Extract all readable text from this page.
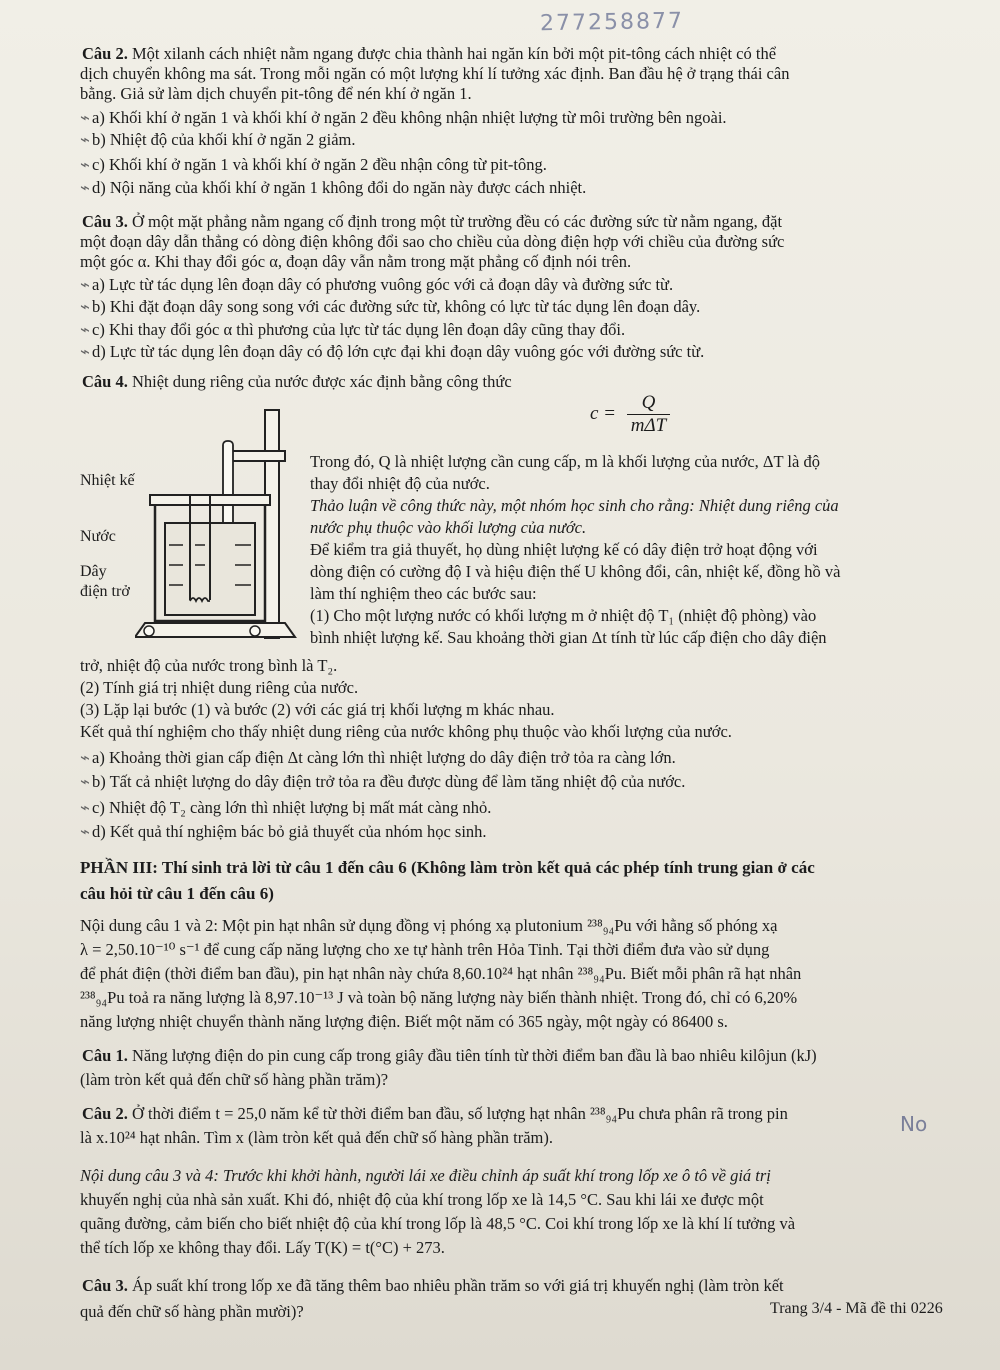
277258877
Câu 2. Một xilanh cách nhiệt nằm ngang được chia thành hai ngăn kín bởi một pit-tông cách nhiệt có thể
dịch chuyển không ma sát. Trong mỗi ngăn có một lượng khí lí tưởng xác định. Ban đầu hệ ở trạng thái cân
bằng. Giả sử làm dịch chuyển pit-tông để nén khí ở ngăn 1.
⌁ a) Khối khí ở ngăn 1 và khối khí ở ngăn 2 đều không nhận nhiệt lượng từ môi trường bên ngoài.
⌁ b) Nhiệt độ của khối khí ở ngăn 2 giảm.
⌁ c) Khối khí ở ngăn 1 và khối khí ở ngăn 2 đều nhận công từ pit-tông.
⌁ d) Nội năng của khối khí ở ngăn 1 không đổi do ngăn này được cách nhiệt.
Câu 3. Ở một mặt phẳng nằm ngang cố định trong một từ trường đều có các đường sức từ nằm ngang, đặt
một đoạn dây dẫn thẳng có dòng điện không đổi sao cho chiều của dòng điện hợp với chiều của đường sức
một góc α. Khi thay đổi góc α, đoạn dây vẫn nằm trong mặt phẳng cố định nói trên.
⌁ a) Lực từ tác dụng lên đoạn dây có phương vuông góc với cả đoạn dây và đường sức từ.
⌁ b) Khi đặt đoạn dây song song với các đường sức từ, không có lực từ tác dụng lên đoạn dây.
⌁ c) Khi thay đổi góc α thì phương của lực từ tác dụng lên đoạn dây cũng thay đổi.
⌁ d) Lực từ tác dụng lên đoạn dây có độ lớn cực đại khi đoạn dây vuông góc với đường sức từ.
Câu 4. Nhiệt dung riêng của nước được xác định bằng công thức
$c = \frac{Q}{\text{mΔT}}$
Nhiệt kế
Nước
Dây
điện trở
Trong đó, Q là nhiệt lượng cần cung cấp, m là khối lượng của nước, ΔT là độ
thay đổi nhiệt độ của nước.
Thảo luận về công thức này, một nhóm học sinh cho rằng: Nhiệt dung riêng của
nước phụ thuộc vào khối lượng của nước.
Để kiểm tra giả thuyết, họ dùng nhiệt lượng kế có dây điện trở hoạt động với
dòng điện có cường độ I và hiệu điện thế U không đổi, cân, nhiệt kế, đồng hồ và
làm thí nghiệm theo các bước sau:
(1) Cho một lượng nước có khối lượng m ở nhiệt độ T₁ (nhiệt độ phòng) vào
bình nhiệt lượng kế. Sau khoảng thời gian Δt tính từ lúc cấp điện cho dây điện
trở, nhiệt độ của nước trong bình là T₂.
(2) Tính giá trị nhiệt dung riêng của nước.
(3) Lặp lại bước (1) và bước (2) với các giá trị khối lượng m khác nhau.
Kết quả thí nghiệm cho thấy nhiệt dung riêng của nước không phụ thuộc vào khối lượng của nước.
⌁ a) Khoảng thời gian cấp điện Δt càng lớn thì nhiệt lượng do dây điện trở tỏa ra càng lớn.
⌁ b) Tất cả nhiệt lượng do dây điện trở tỏa ra đều được dùng để làm tăng nhiệt độ của nước.
⌁ c) Nhiệt độ T₂ càng lớn thì nhiệt lượng bị mất mát càng nhỏ.
⌁ d) Kết quả thí nghiệm bác bỏ giả thuyết của nhóm học sinh.
PHẦN III: Thí sinh trả lời từ câu 1 đến câu 6 (Không làm tròn kết quả các phép tính trung gian ở các
câu hỏi từ câu 1 đến câu 6)
Nội dung câu 1 và 2: Một pin hạt nhân sử dụng đồng vị phóng xạ plutonium ²³⁸₉₄Pu với hằng số phóng xạ
λ = 2,50.10⁻¹⁰ s⁻¹ để cung cấp năng lượng cho xe tự hành trên Hỏa Tinh. Tại thời điểm đưa vào sử dụng
để phát điện (thời điểm ban đầu), pin hạt nhân này chứa 8,60.10²⁴ hạt nhân ²³⁸₉₄Pu. Biết mỗi phân rã hạt nhân
²³⁸₉₄Pu toả ra năng lượng là 8,97.10⁻¹³ J và toàn bộ năng lượng này biến thành nhiệt. Trong đó, chỉ có 6,20%
năng lượng nhiệt chuyển thành năng lượng điện. Biết một năm có 365 ngày, một ngày có 86400 s.
Câu 1. Năng lượng điện do pin cung cấp trong giây đầu tiên tính từ thời điểm ban đầu là bao nhiêu kilôjun (kJ)
(làm tròn kết quả đến chữ số hàng phần trăm)?
Câu 2. Ở thời điểm t = 25,0 năm kể từ thời điểm ban đầu, số lượng hạt nhân ²³⁸₉₄Pu chưa phân rã trong pin
là x.10²⁴ hạt nhân. Tìm x (làm tròn kết quả đến chữ số hàng phần trăm).
No
Nội dung câu 3 và 4: Trước khi khởi hành, người lái xe điều chỉnh áp suất khí trong lốp xe ô tô về giá trị
khuyến nghị của nhà sản xuất. Khi đó, nhiệt độ của khí trong lốp xe là 14,5 °C. Sau khi lái xe được một
quãng đường, cảm biến cho biết nhiệt độ của khí trong lốp là 48,5 °C. Coi khí trong lốp xe là khí lí tưởng và
thể tích lốp xe không thay đổi. Lấy T(K) = t(°C) + 273.
Câu 3. Áp suất khí trong lốp xe đã tăng thêm bao nhiêu phần trăm so với giá trị khuyến nghị (làm tròn kết
quả đến chữ số hàng phần mười)?	Trang 3/4 - Mã đề thi 0226
